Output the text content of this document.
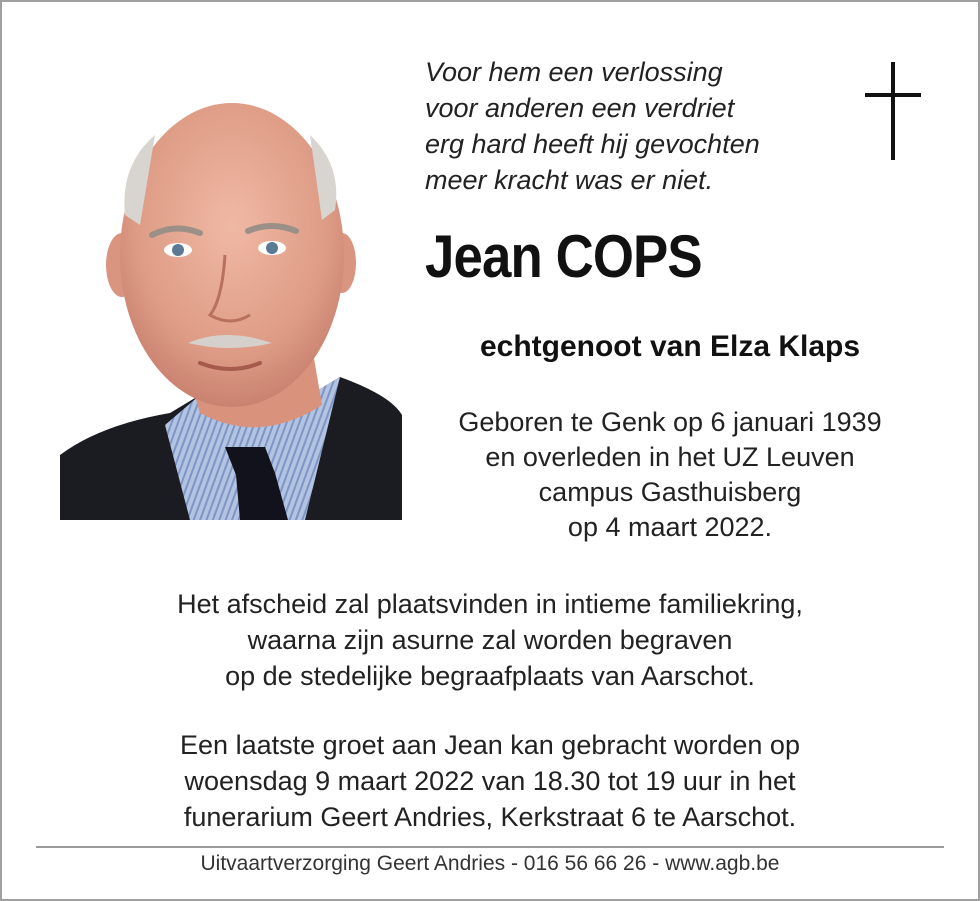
Voor hem een verlossing
voor anderen een verdriet
erg hard heeft hij gevochten
meer kracht was er niet.
Jean COPS
echtgenoot van Elza Klaps
Geboren te Genk op 6 januari 1939
en overleden in het UZ Leuven
campus Gasthuisberg
op 4 maart 2022.
Het afscheid zal plaatsvinden in intieme familiekring,
waarna zijn asurne zal worden begraven
op de stedelijke begraafplaats van Aarschot.
Een laatste groet aan Jean kan gebracht worden op
woensdag 9 maart 2022 van 18.30 tot 19 uur in het
funerarium Geert Andries, Kerkstraat 6 te Aarschot.
Uitvaartverzorging Geert Andries - 016 56 66 26 - www.agb.be
